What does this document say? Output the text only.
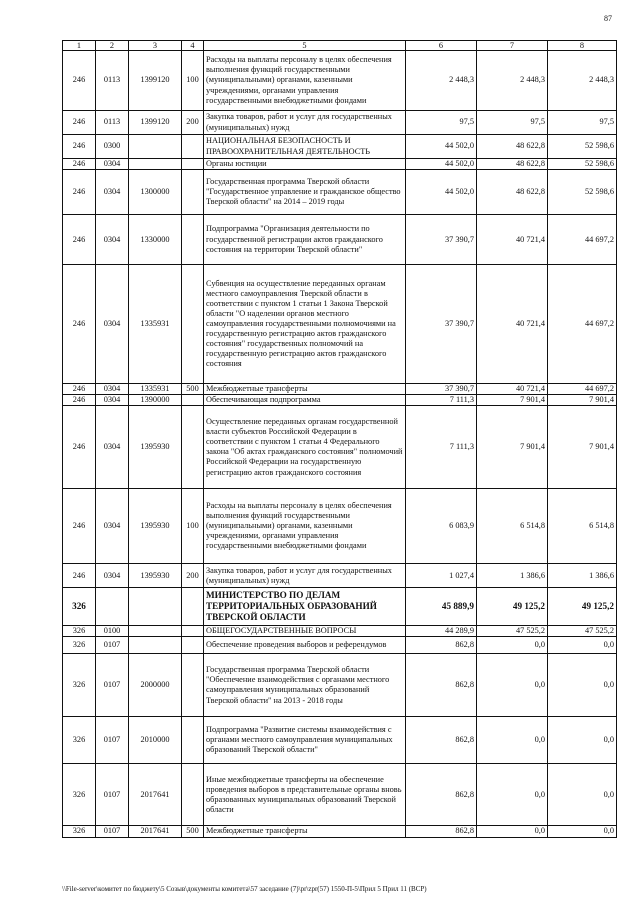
87
1	2	3	4	5	6	7	8
246	0113	1399120	100	Расходы на выплаты персоналу в целях обеспечения выполнения функций государственными (муниципальными) органами, казенными учреждениями, органами управления государственными внебюджетными фондами	2 448,3	2 448,3	2 448,3
246	0113	1399120	200	Закупка товаров, работ и услуг для государственных (муниципальных) нужд	97,5	97,5	97,5
246	0300			НАЦИОНАЛЬНАЯ БЕЗОПАСНОСТЬ И ПРАВООХРАНИТЕЛЬНАЯ ДЕЯТЕЛЬНОСТЬ	44 502,0	48 622,8	52 598,6
246	0304			Органы юстиции	44 502,0	48 622,8	52 598,6
246	0304	1300000		Государственная программа Тверской области "Государственное управление и гражданское общество Тверской области" на 2014 – 2019 годы	44 502,0	48 622,8	52 598,6
246	0304	1330000		Подпрограмма "Организация деятельности по государственной регистрации актов гражданского состояния на территории Тверской области"	37 390,7	40 721,4	44 697,2
246	0304	1335931		Субвенция на осуществление переданных органам местного самоуправления Тверской области в соответствии с пунктом 1 статьи 1 Закона Тверской области "О наделении органов местного самоуправления государственными полномочиями на государственную регистрацию актов гражданского состояния" государственных полномочий на государственную регистрацию актов гражданского состояния	37 390,7	40 721,4	44 697,2
246	0304	1335931	500	Межбюджетные трансферты	37 390,7	40 721,4	44 697,2
246	0304	1390000		Обеспечивающая подпрограмма	7 111,3	7 901,4	7 901,4
246	0304	1395930		Осуществление переданных органам государственной власти субъектов Российской Федерации в соответствии с пунктом 1 статьи 4 Федерального закона "Об актах гражданского состояния" полномочий Российской Федерации на государственную регистрацию актов гражданского состояния	7 111,3	7 901,4	7 901,4
246	0304	1395930	100	Расходы на выплаты персоналу в целях обеспечения выполнения функций государственными (муниципальными) органами, казенными учреждениями, органами управления государственными внебюджетными фондами	6 083,9	6 514,8	6 514,8
246	0304	1395930	200	Закупка товаров, работ и услуг для государственных (муниципальных) нужд	1 027,4	1 386,6	1 386,6
326				МИНИСТЕРСТВО ПО ДЕЛАМ ТЕРРИТОРИАЛЬНЫХ ОБРАЗОВАНИЙ ТВЕРСКОЙ ОБЛАСТИ	45 889,9	49 125,2	49 125,2
326	0100			ОБЩЕГОСУДАРСТВЕННЫЕ ВОПРОСЫ	44 289,9	47 525,2	47 525,2
326	0107			Обеспечение проведения выборов и референдумов	862,8	0,0	0,0
326	0107	2000000		Государственная программа Тверской области "Обеспечение взаимодействия с органами местного самоуправления муниципальных образований Тверской области" на 2013 - 2018 годы	862,8	0,0	0,0
326	0107	2010000		Подпрограмма "Развитие системы взаимодействия с органами местного самоуправления муниципальных образований Тверской области"	862,8	0,0	0,0
326	0107	2017641		Иные межбюджетные трансферты на обеспечение проведения выборов в представительные органы вновь образованных муниципальных образований Тверской области	862,8	0,0	0,0
326	0107	2017641	500	Межбюджетные трансферты	862,8	0,0	0,0
\\File-server\комитет по бюджету\5 Созыв\документы комитета\57 заседание (7)\pr\zpr(57) 1550-П-5\Прил 5 Прил 11 (ВСР)
